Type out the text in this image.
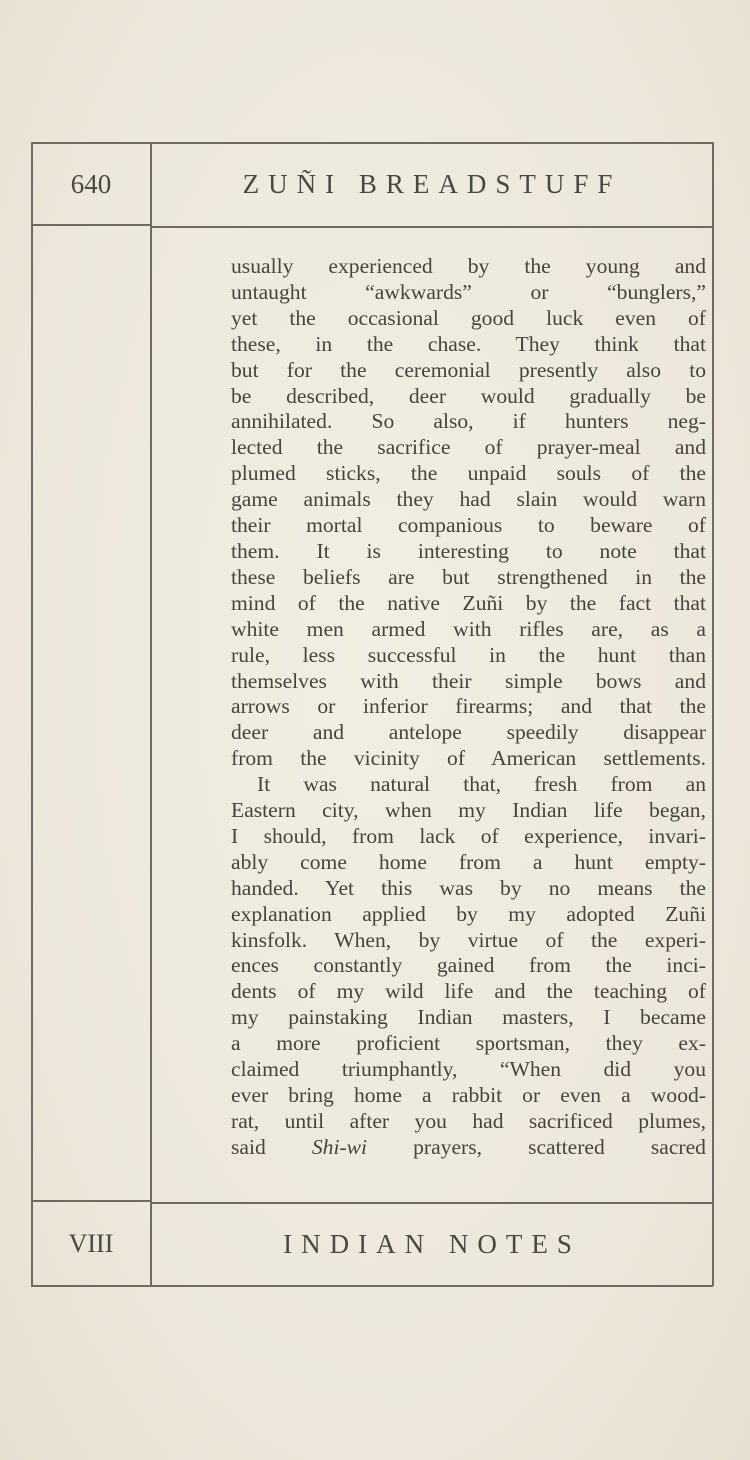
640	ZUÑI BREADSTUFF
usually experienced by the young and
untaught “awkwards” or “bunglers,”
yet the occasional good luck even of
these, in the chase. They think that
but for the ceremonial presently also to
be described, deer would gradually be
annihilated. So also, if hunters neg-
lected the sacrifice of prayer-meal and
plumed sticks, the unpaid souls of the
game animals they had slain would warn
their mortal companious to beware of
them. It is interesting to note that
these beliefs are but strengthened in the
mind of the native Zuñi by the fact that
white men armed with rifles are, as a
rule, less successful in the hunt than
themselves with their simple bows and
arrows or inferior firearms; and that the
deer and antelope speedily disappear
from the vicinity of American settlements.
It was natural that, fresh from an
Eastern city, when my Indian life began,
I should, from lack of experience, invari-
ably come home from a hunt empty-
handed. Yet this was by no means the
explanation applied by my adopted Zuñi
kinsfolk. When, by virtue of the experi-
ences constantly gained from the inci-
dents of my wild life and the teaching of
my painstaking Indian masters, I became
a more proficient sportsman, they ex-
claimed triumphantly, “When did you
ever bring home a rabbit or even a wood-
rat, until after you had sacrificed plumes,
said Shi-wi prayers, scattered sacred
VIII	INDIAN NOTES
